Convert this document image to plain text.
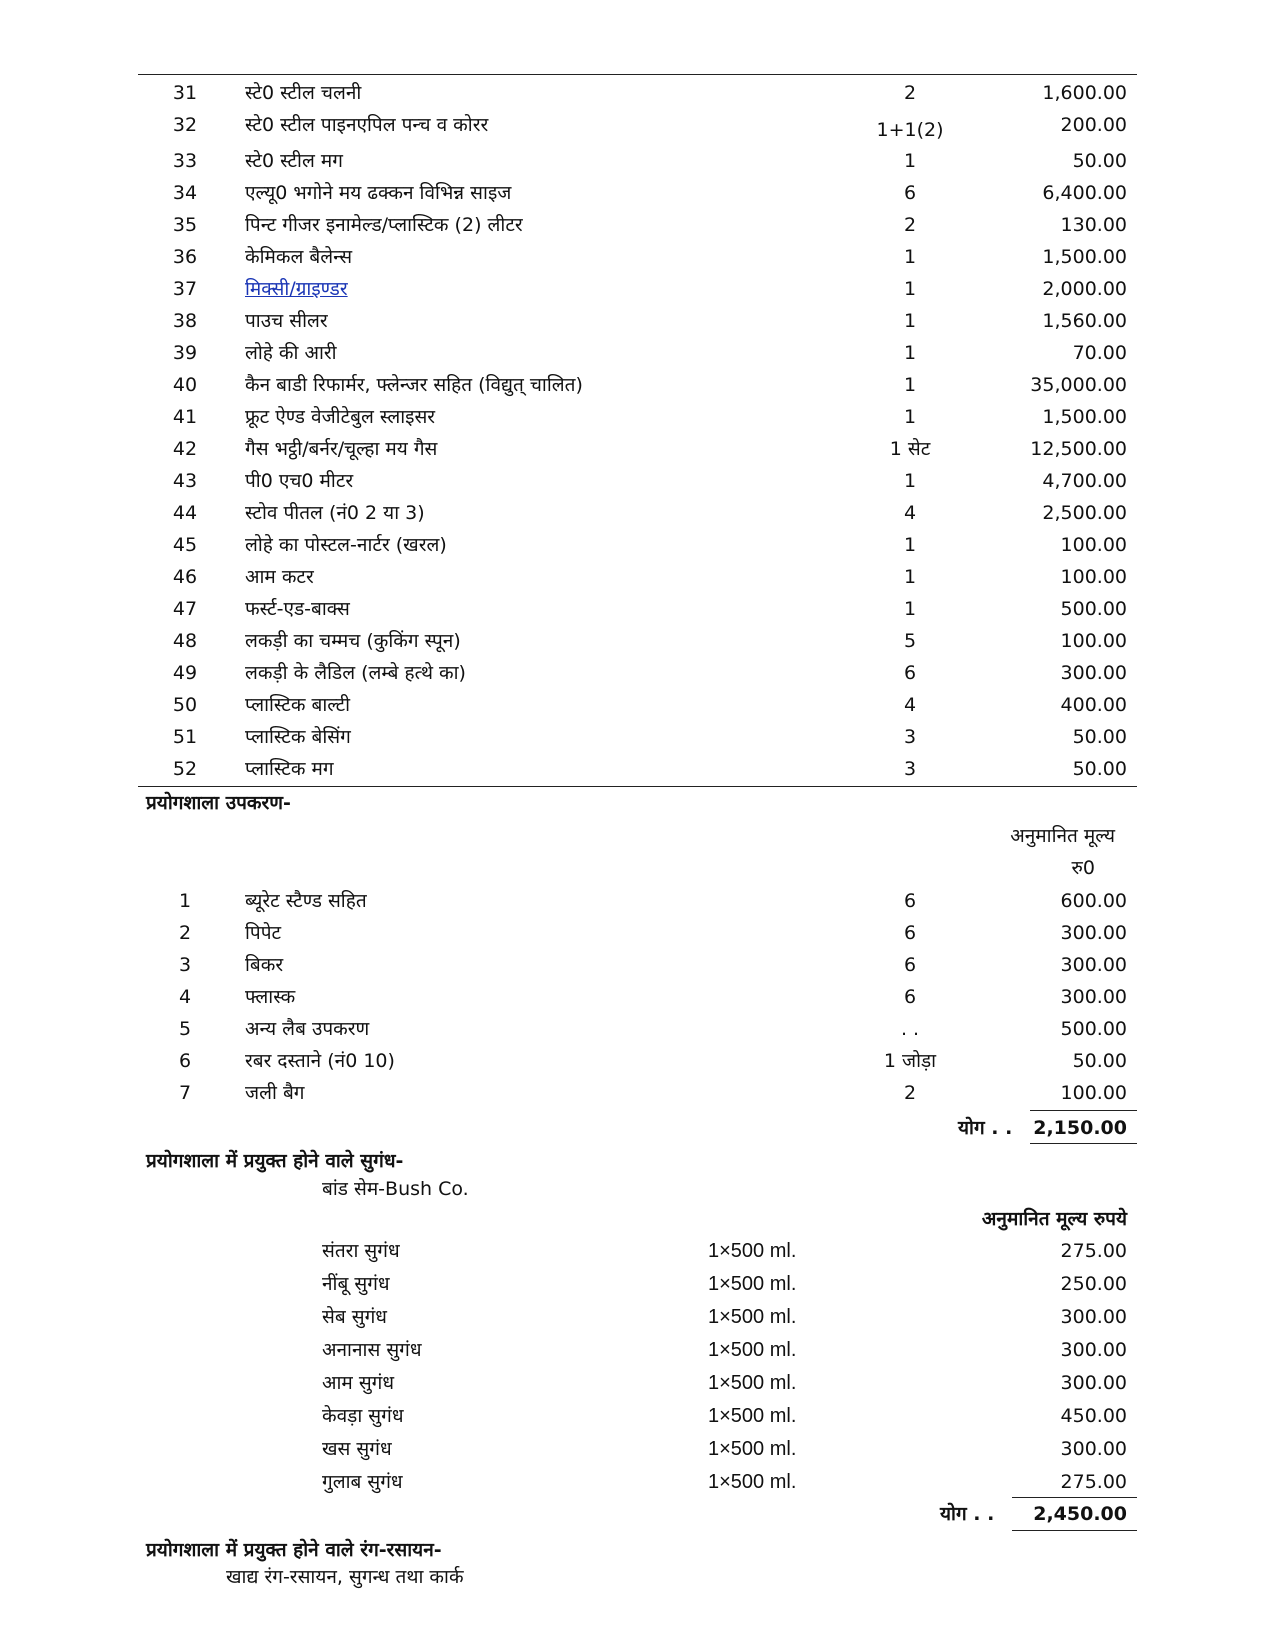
31	स्टे0 स्टील चलनी	2	1,600.00
32	स्टे0 स्टील पाइनएपिल पन्च व कोरर	1+1(2)	200.00
33	स्टे0 स्टील मग	1	50.00
34	एल्यू0 भगोने मय ढक्कन विभिन्न साइज	6	6,400.00
35	पिन्ट गीजर इनामेल्ड/प्लास्टिक (2) लीटर	2	130.00
36	केमिकल बैलेन्स	1	1,500.00
37	मिक्सी/ग्राइण्डर	1	2,000.00
38	पाउच सीलर	1	1,560.00
39	लोहे की आरी	1	70.00
40	कैन बाडी रिफार्मर, फ्लेन्जर सहित (विद्युत् चालित)	1	35,000.00
41	फ्रूट ऐण्ड वेजीटेबुल स्लाइसर	1	1,500.00
42	गैस भट्ठी/बर्नर/चूल्हा मय गैस	1 सेट	12,500.00
43	पी0 एच0 मीटर	1	4,700.00
44	स्टोव पीतल (नं0 2 या 3)	4	2,500.00
45	लोहे का पोस्टल-नार्टर (खरल)	1	100.00
46	आम कटर	1	100.00
47	फर्स्ट-एड-बाक्स	1	500.00
48	लकड़ी का चम्मच (कुकिंग स्पून)	5	100.00
49	लकड़ी के लैडिल (लम्बे हत्थे का)	6	300.00
50	प्लास्टिक बाल्टी	4	400.00
51	प्लास्टिक बेसिंग	3	50.00
52	प्लास्टिक मग	3	50.00
प्रयोगशाला उपकरण-
अनुमानित मूल्य
रु0
1	ब्यूरेट स्टैण्ड सहित	6	600.00
2	पिपेट	6	300.00
3	बिकर	6	300.00
4	फ्लास्क	6	300.00
5	अन्य लैब उपकरण	. .	500.00
6	रबर दस्ताने (नं0 10)	1 जोड़ा	50.00
7	जली बैग	2	100.00
योग . . 2,150.00
प्रयोगशाला में प्रयुक्त होने वाले सुगंध-
बांड सेम-Bush Co.
अनुमानित मूल्य रुपये
संतरा सुगंध	1×500 ml.	275.00
नींबू सुगंध	1×500 ml.	250.00
सेब सुगंध	1×500 ml.	300.00
अनानास सुगंध	1×500 ml.	300.00
आम सुगंध	1×500 ml.	300.00
केवड़ा सुगंध	1×500 ml.	450.00
खस सुगंध	1×500 ml.	300.00
गुलाब सुगंध	1×500 ml.	275.00
योग . . 2,450.00
प्रयोगशाला में प्रयुक्त होने वाले रंग-रसायन-
खाद्य रंग-रसायन, सुगन्ध तथा कार्क
